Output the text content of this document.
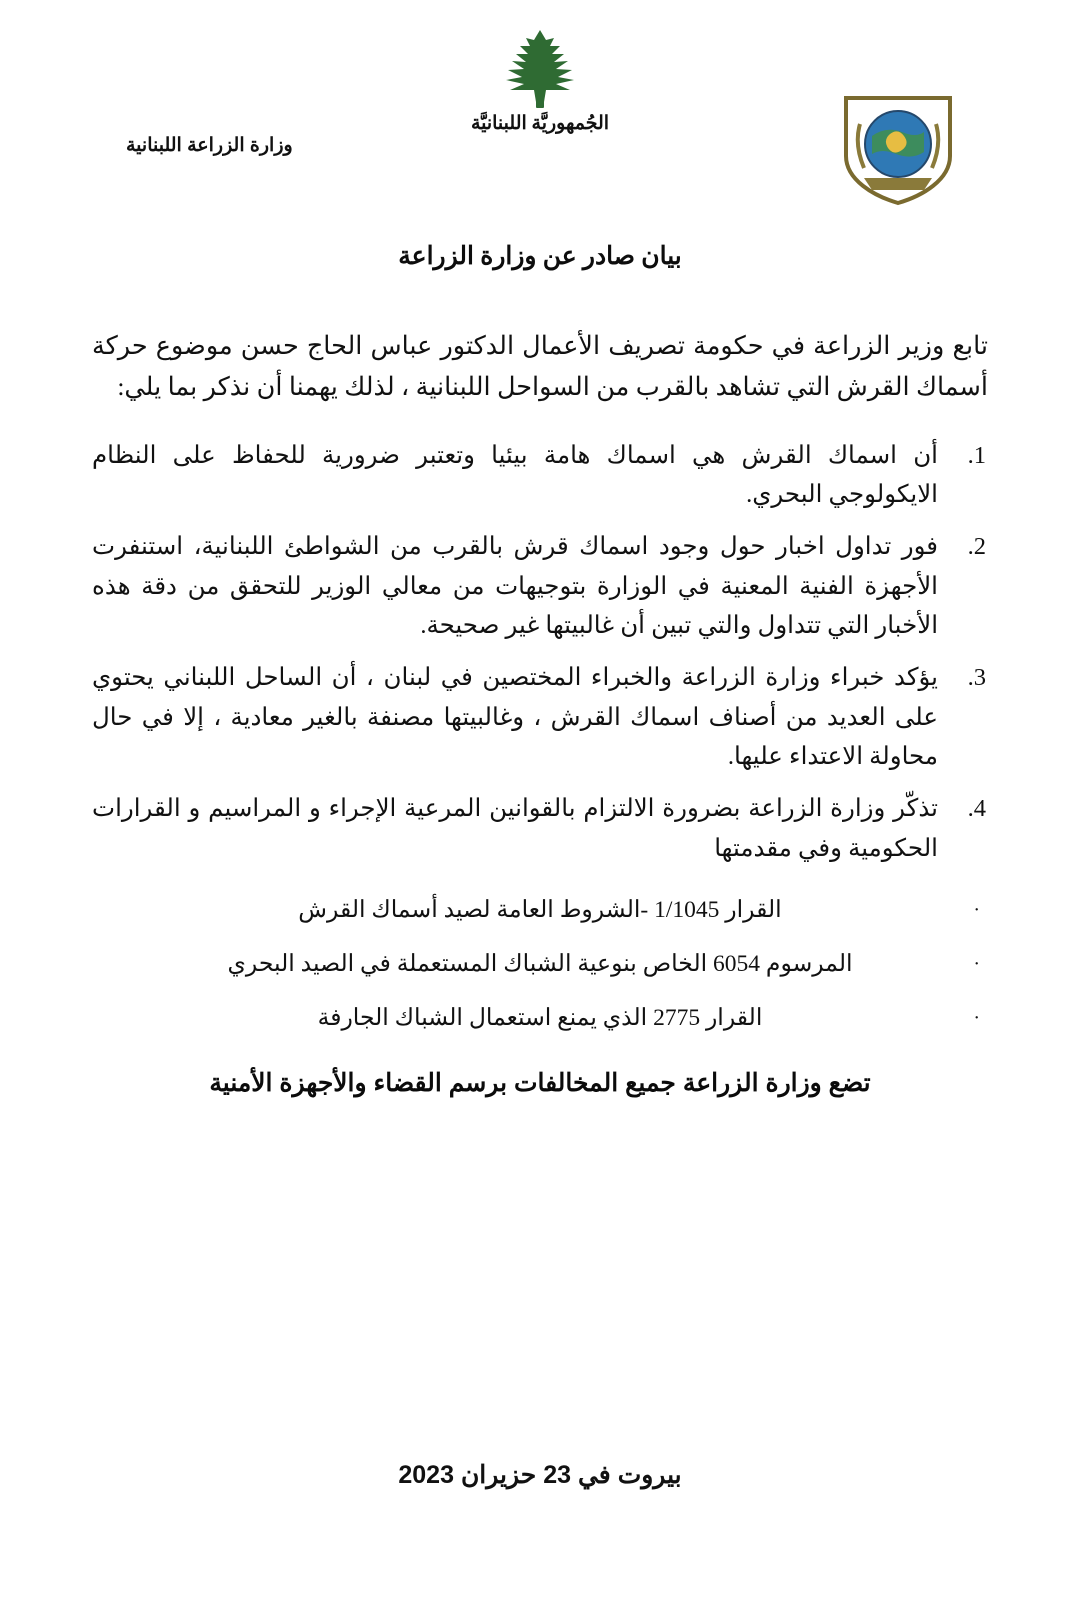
الجُمهوريَّة اللبنانيَّة
وزارة الزراعة اللبنانية
بيان صادر عن وزارة الزراعة

تابع وزير الزراعة في حكومة تصريف الأعمال الدكتور عباس الحاج حسن موضوع حركة أسماك القرش التي تشاهد بالقرب من السواحل اللبنانية ، لذلك يهمنا أن نذكر بما يلي:

أن اسماك القرش هي اسماك هامة بيئيا وتعتبر ضرورية للحفاظ على النظام الايكولوجي البحري.
فور تداول اخبار حول وجود اسماك قرش بالقرب من الشواطئ اللبنانية، استنفرت الأجهزة الفنية المعنية في الوزارة بتوجيهات من معالي الوزير للتحقق من دقة هذه الأخبار التي تتداول والتي تبين أن غالبيتها غير صحيحة.
يؤكد خبراء وزارة الزراعة والخبراء المختصين في لبنان ، أن الساحل اللبناني يحتوي على العديد من أصناف اسماك القرش ، وغالبيتها مصنفة بالغير معادية ، إلا في حال محاولة الاعتداء عليها.
تذكّر وزارة الزراعة بضرورة الالتزام بالقوانين المرعية الإجراء و المراسيم و القرارات الحكومية وفي مقدمتها
·
القرار 1/1045 -الشروط العامة لصيد أسماك القرش
·
المرسوم 6054 الخاص بنوعية الشباك المستعملة في الصيد البحري
·
القرار 2775 الذي يمنع استعمال الشباك الجارفة
تضع وزارة الزراعة جميع المخالفات برسم القضاء والأجهزة الأمنية
بيروت في 23 حزيران 2023
